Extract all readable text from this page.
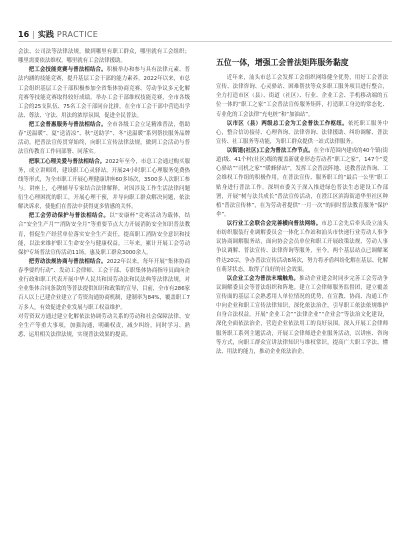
16 | 实践 PRACTICE

会法、公司法等法律法规，做到哪里有职工群众，哪里就有工会组织；哪里需要依法维权，哪里就有工会法律援助。

把工会技能竞赛与普法相结合。积极举办和参与具有法律元素、普法内涵的技能竞赛，提升基层工会干部的能力素养。2022年以来，市总工会组织基层工会干部积极参加全省集体协商竞赛、劳动争议多元化解竞赛等技能竞赛取得较好成绩。举办工会干部维权技能竞赛，全市各级工会的25支队伍、75名工会干部同台比拼，在全市工会干部中营造出学法、尊法、守法、用法的浓厚氛围，促进全民普法。

把工会普惠服务与普法相结合。全市各级工会立足精准普法，借助春“送温暖”、夏“送清凉”、秋“送助学”、冬“送温暖”系列帮扶服务品牌活动，把普法宣传贯穿始终，向职工宣传法律法规，做到工会活动与普法宣传教育工作同部署、同落实。

把职工心理关爱与普法相结合。2022年至今，市总工会通过购买服务，成立讲师团，建设职工心灵驿站，开展24小时职工心理服务免费热线等形式，为全市职工开展心理健康讲座60多场次，3500多人次职工参与。讲座上，心理辅导专家结合法律解释，对因涉及工作生活法律问题衍生心理困扰的职工，开展心理干预，并导向职工群众解决问题，依法解决诉求，使他们在普法中获得更多情感的关怀。

把工会劳动保护与普法相结合。以“安康杯”竞赛活动为载体，结合“安全生产月”“消防安全月”等重要节点大力开展消防安全知识普法教育，督促生产经营单位落实安全生产责任，提高职工消防安全意识和技能，以法来维护职工生命安全与健康权益。三年来，累计开展工会劳动保护专场普法宣传活动11场，惠及职工群众3000余人。

把劳动法规协商与普法相结合。2022年以来，每年开展“集体协商春季要约行动”、发动工会律师、工会干部、专职集体协商指导员面向企业行政和职工代表开展中华人民共和国劳动法和民法典等法律法规，对全业集体合同条款的等普法提供知识和政策的宣导，目前，全市有286家百人以上已建企业建立了劳资沟通协商机制，建制率为84%，覆盖职工7万多人，有效促进企业发展与职工权益维护。

对劳资双方通过建立化解依法协调劳动关系的劳动和社会保障法律、安全生产等重大事项，加强沟通，明确权责，减少纠纷，同时学习、熟悉、运用相关法律法规，实现普法效果的提高。

五位一体，增强工会普法矩阵服务黏度

近年来，汕头市总工会发挥工会组织网络健全优势，用好工会普法宣传、法律咨询、心灵驿站、困难帮扶等众多职工服务项目进行整合，全力打造市区（县）、街道（社区）、行业、企业工会、手机移动端的五位一体的“职工之家”工会普法宣传服务矩阵，打造职工身边的常态化、专业化的工会法律“充电桩”和“加油站”。

以市区（县）两级总工会为工会普法工作枢纽。依托职工服务中心，整合信访接待、心理咨询、法律咨询、法律援助、纠纷调解、普法宣传、社工服务等功能，为职工群众提供一站式法律服务。

以街道(社区)工会为普法工作节点。在全市范围内建成的40个镇(街道)级、41个村(社区)级的覆盖新就业形态劳动者“职工之家”，147个“爱心驿站”“司机之家”“暖蜂驿站”，发挥工会普法阵地、送教普法咨询、工会维权工作组的积极作用，在普法宣传、服务职工的“最后一公里”职工贴身进行普法工作。深圳市委关于深入推进绿色普法生态建设工作部署，开展“树与法共成长”普法宣传活动，在澄江区滨海街道华里社区种植“普法宣传林”，在为劳动者提供“一月一次”的同时普法教育服务“保护伞”。

以行业工会联合会完善横向普法网络。市总工会先后牵头设立汕头市纺织服装行业调解委员会一体化工作站和汕头市快递行业劳动人事争议协商调解服务站，面向协会会员单位和职工开展政策法规、劳动人事争议调解、普法宣传、法律咨询等服务，至今，两个基层站点已调解案件达20宗，争办普法宣传活动8场次，努力将矛盾纠纷化解在基层、化解在萌芽状态，取得了良好的社会效果。

以企业工会为普法末端触角。推动企业建会时同步完善工会劳动争议调解委员会等普法组织和阵地。建立工会律师服务监督团，建立覆盖宣传面的基层工会熟悉用人单位情况的优势，在宣教、协商、沟通工作中向企业和职工宣传法律知识，深化依法治企，引导职工依法依规维护自身合法权益，开展“企业工会”“法律企业”“企业会”等法治文化建设，深化全面依法治企，营造企业依法用工的良好氛围。深入开展工会律师服务职工系列主题活动，开展工会律师进企业服务活动，以讲座、咨询等方式，向职工群众宣讲法律知识与维权常识，提高广大职工学法、懂法、用法的能力，推动企业依法治企。
